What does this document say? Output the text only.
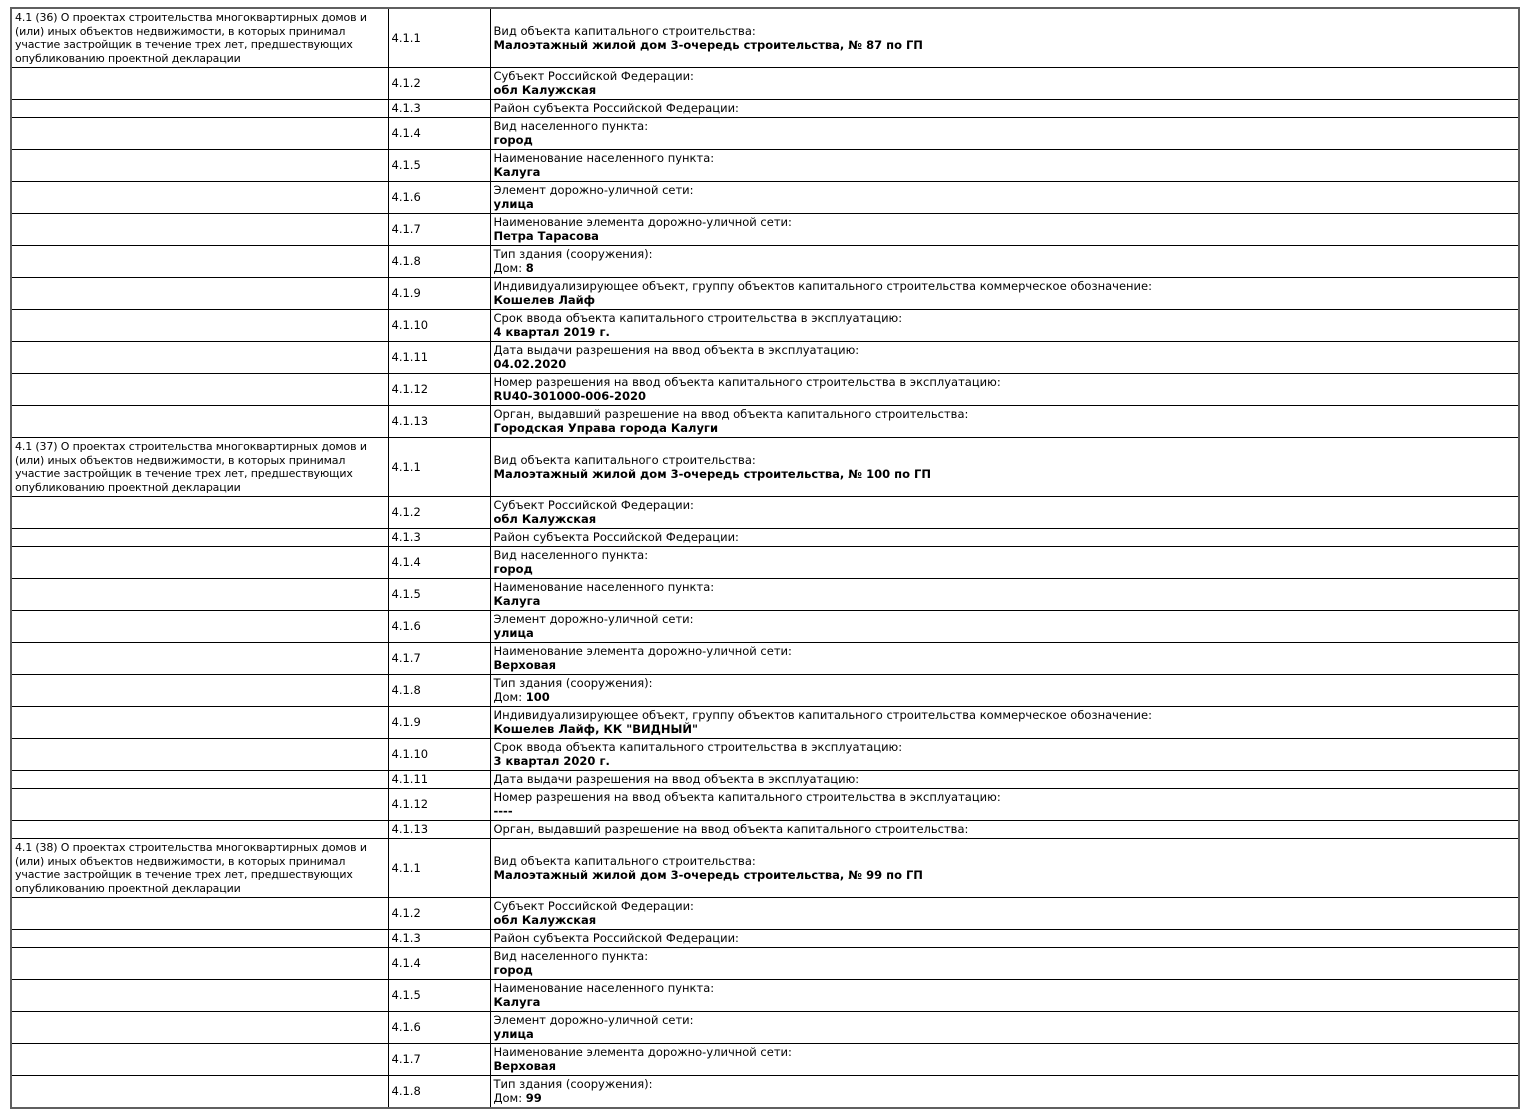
4.1 (36) О проектах строительства многоквартирных домов и (или) иных объектов недвижимости, в которых принимал участие застройщик в течение трех лет, предшествующих опубликованию проектной декларации	4.1.1	Вид объекта капитального строительства:
Малоэтажный жилой дом 3-очередь строительства, № 87 по ГП

	4.1.2	Субъект Российской Федерации:
обл Калужская

	4.1.3	Район субъекта Российской Федерации:

	4.1.4	Вид населенного пункта:
город

	4.1.5	Наименование населенного пункта:
Калуга

	4.1.6	Элемент дорожно-уличной сети:
улица

	4.1.7	Наименование элемента дорожно-уличной сети:
Петра Тарасова

	4.1.8	Тип здания (сооружения):
Дом: 8

	4.1.9	Индивидуализирующее объект, группу объектов капитального строительства коммерческое обозначение:
Кошелев Лайф

	4.1.10	Срок ввода объекта капитального строительства в эксплуатацию:
4 квартал 2019 г.

	4.1.11	Дата выдачи разрешения на ввод объекта в эксплуатацию:
04.02.2020

	4.1.12	Номер разрешения на ввод объекта капитального строительства в эксплуатацию:
RU40-301000-006-2020

	4.1.13	Орган, выдавший разрешение на ввод объекта капитального строительства:
Городская Управа города Калуги

4.1 (37) О проектах строительства многоквартирных домов и (или) иных объектов недвижимости, в которых принимал участие застройщик в течение трех лет, предшествующих опубликованию проектной декларации	4.1.1	Вид объекта капитального строительства:
Малоэтажный жилой дом 3-очередь строительства, № 100 по ГП

	4.1.2	Субъект Российской Федерации:
обл Калужская

	4.1.3	Район субъекта Российской Федерации:

	4.1.4	Вид населенного пункта:
город

	4.1.5	Наименование населенного пункта:
Калуга

	4.1.6	Элемент дорожно-уличной сети:
улица

	4.1.7	Наименование элемента дорожно-уличной сети:
Верховая

	4.1.8	Тип здания (сооружения):
Дом: 100

	4.1.9	Индивидуализирующее объект, группу объектов капитального строительства коммерческое обозначение:
Кошелев Лайф, КК "ВИДНЫЙ"

	4.1.10	Срок ввода объекта капитального строительства в эксплуатацию:
3 квартал 2020 г.

	4.1.11	Дата выдачи разрешения на ввод объекта в эксплуатацию:

	4.1.12	Номер разрешения на ввод объекта капитального строительства в эксплуатацию:
----

	4.1.13	Орган, выдавший разрешение на ввод объекта капитального строительства:

4.1 (38) О проектах строительства многоквартирных домов и (или) иных объектов недвижимости, в которых принимал участие застройщик в течение трех лет, предшествующих опубликованию проектной декларации	4.1.1	Вид объекта капитального строительства:
Малоэтажный жилой дом 3-очередь строительства, № 99 по ГП

	4.1.2	Субъект Российской Федерации:
обл Калужская

	4.1.3	Район субъекта Российской Федерации:

	4.1.4	Вид населенного пункта:
город

	4.1.5	Наименование населенного пункта:
Калуга

	4.1.6	Элемент дорожно-уличной сети:
улица

	4.1.7	Наименование элемента дорожно-уличной сети:
Верховая

	4.1.8	Тип здания (сооружения):
Дом: 99
